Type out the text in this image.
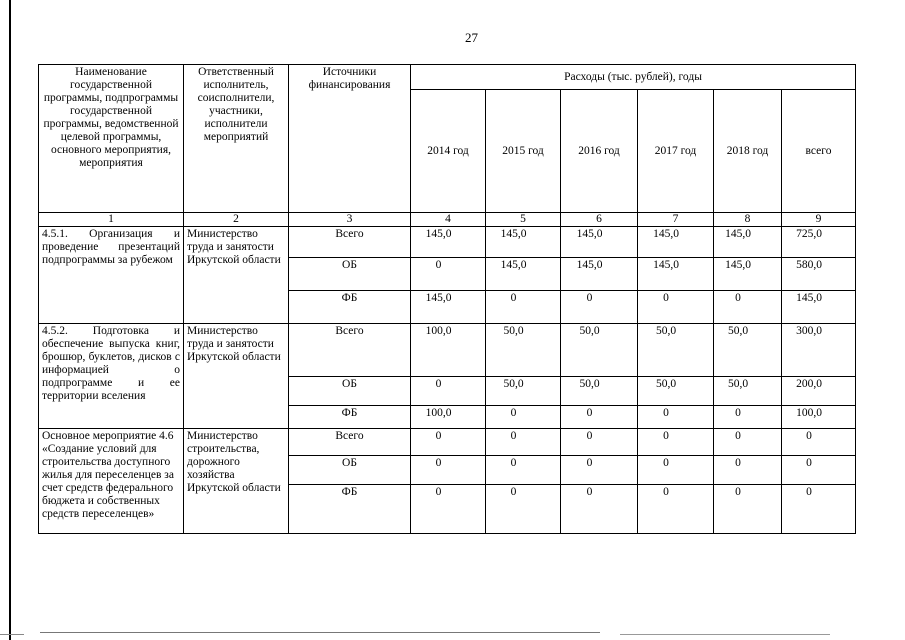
27
Наименование государственной программы, подпрограммы государственной программы, ведомственной целевой программы, основного мероприятия, мероприятия	Ответственный исполнитель, соисполнители, участники, исполнители мероприятий	Источники финансирования	Расходы (тыс. рублей), годы					
			2014 год	2015 год	2016 год	2017 год	2018 год	всего
1	2	3	4	5	6	7	8	9
4.5.1. Организация и проведение презентаций подпрограммы за рубежом	Министерство труда и занятости Иркутской области	Всего	145,0	145,0	145,0	145,0	145,0	725,0
		ОБ	0	145,0	145,0	145,0	145,0	580,0
		ФБ	145,0	0	0	0	0	145,0
4.5.2. Подготовка и обеспечение выпуска книг, брошюр, буклетов, дисков с информацией о подпрограмме и ее территории вселения	Министерство труда и занятости Иркутской области	Всего	100,0	50,0	50,0	50,0	50,0	300,0
		ОБ	0	50,0	50,0	50,0	50,0	200,0
		ФБ	100,0	0	0	0	0	100,0
Основное мероприятие 4.6 «Создание условий для строительства доступного жилья для переселенцев за счет средств федерального бюджета и собственных средств переселенцев»	Министерство строительства, дорожного хозяйства Иркутской области	Всего	0	0	0	0	0	0
		ОБ	0	0	0	0	0	0
		ФБ	0	0	0	0	0	0
